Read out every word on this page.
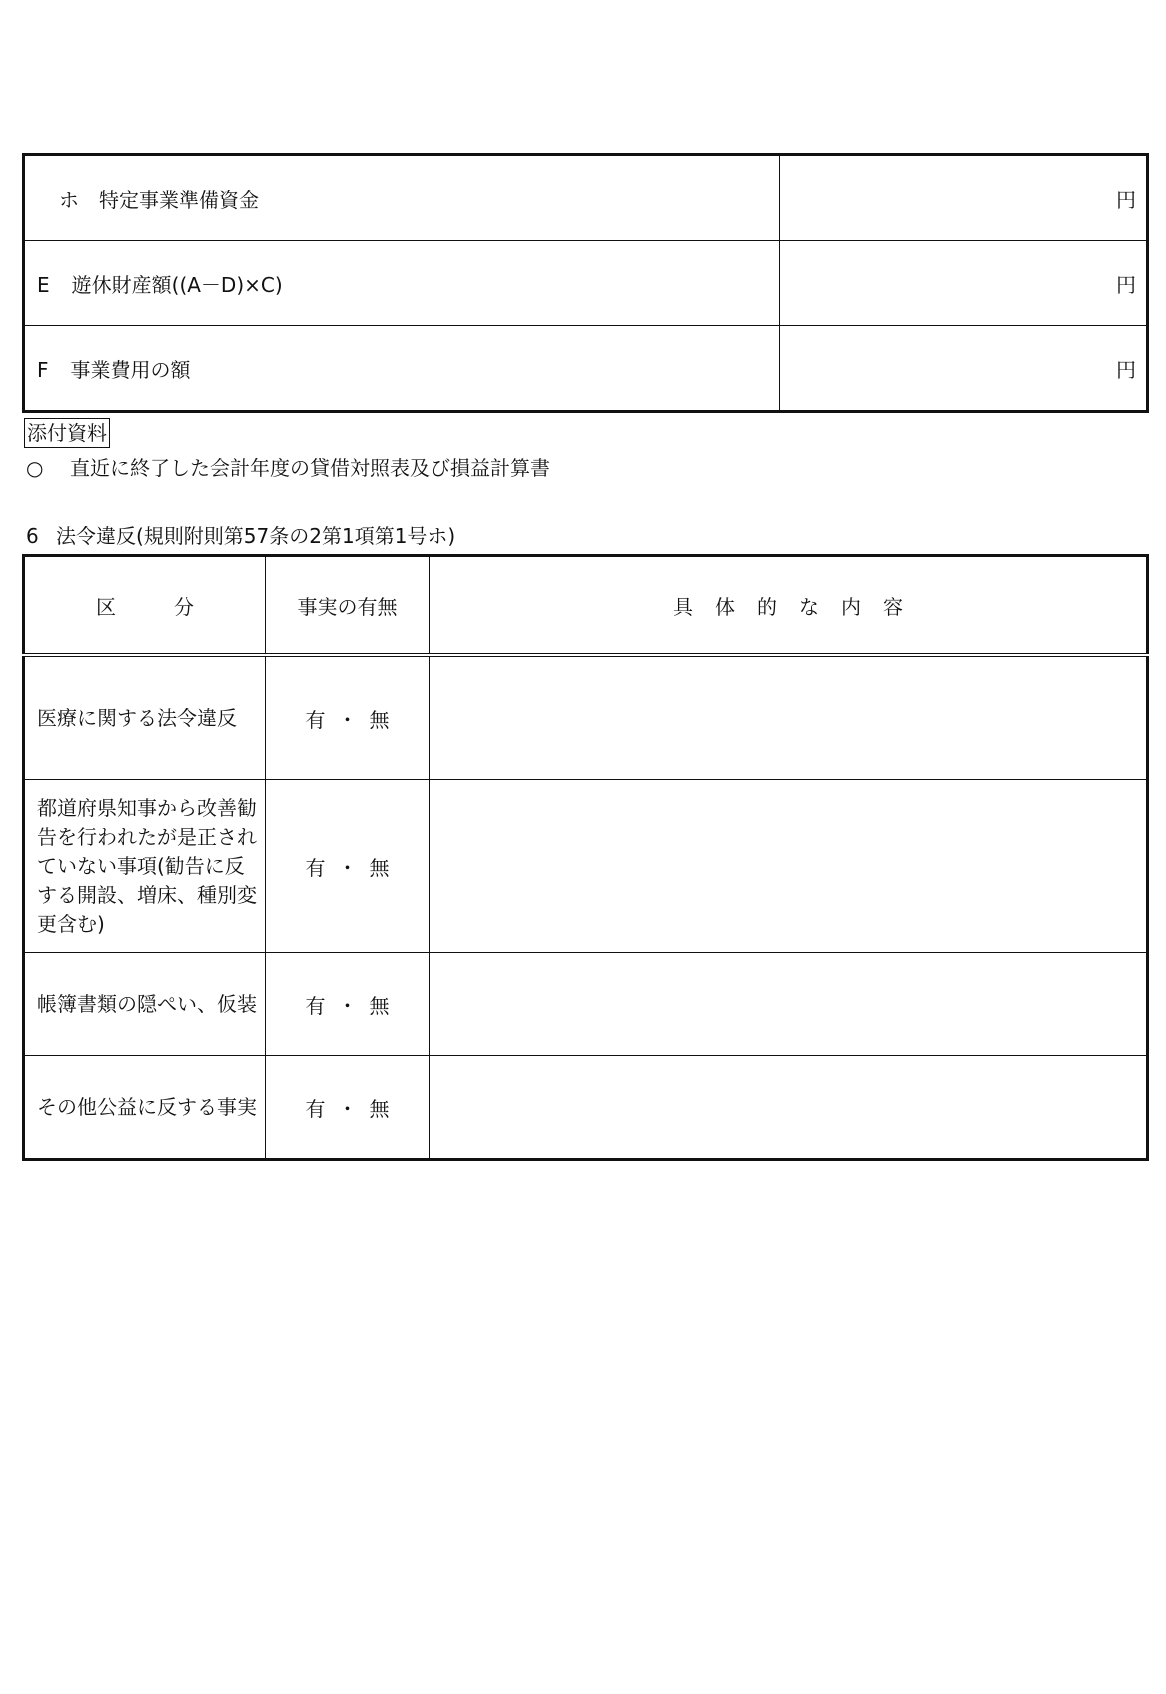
ホ　特定事業準備資金	円
E 遊休財産額((A－D)×C)	円
F 事業費用の額	円
添付資料
○ 直近に終了した会計年度の貸借対照表及び損益計算書
6 法令違反(規則附則第57条の2第1項第1号ホ)
区分	事実の有無	具体的な内容
医療に関する法令違反	有 ・ 無	
都道府県知事から改善勧告を行われたが是正されていない事項(勧告に反する開設、増床、種別変更含む)	有 ・ 無	
帳簿書類の隠ぺい、仮装	有 ・ 無	
その他公益に反する事実	有 ・ 無	
